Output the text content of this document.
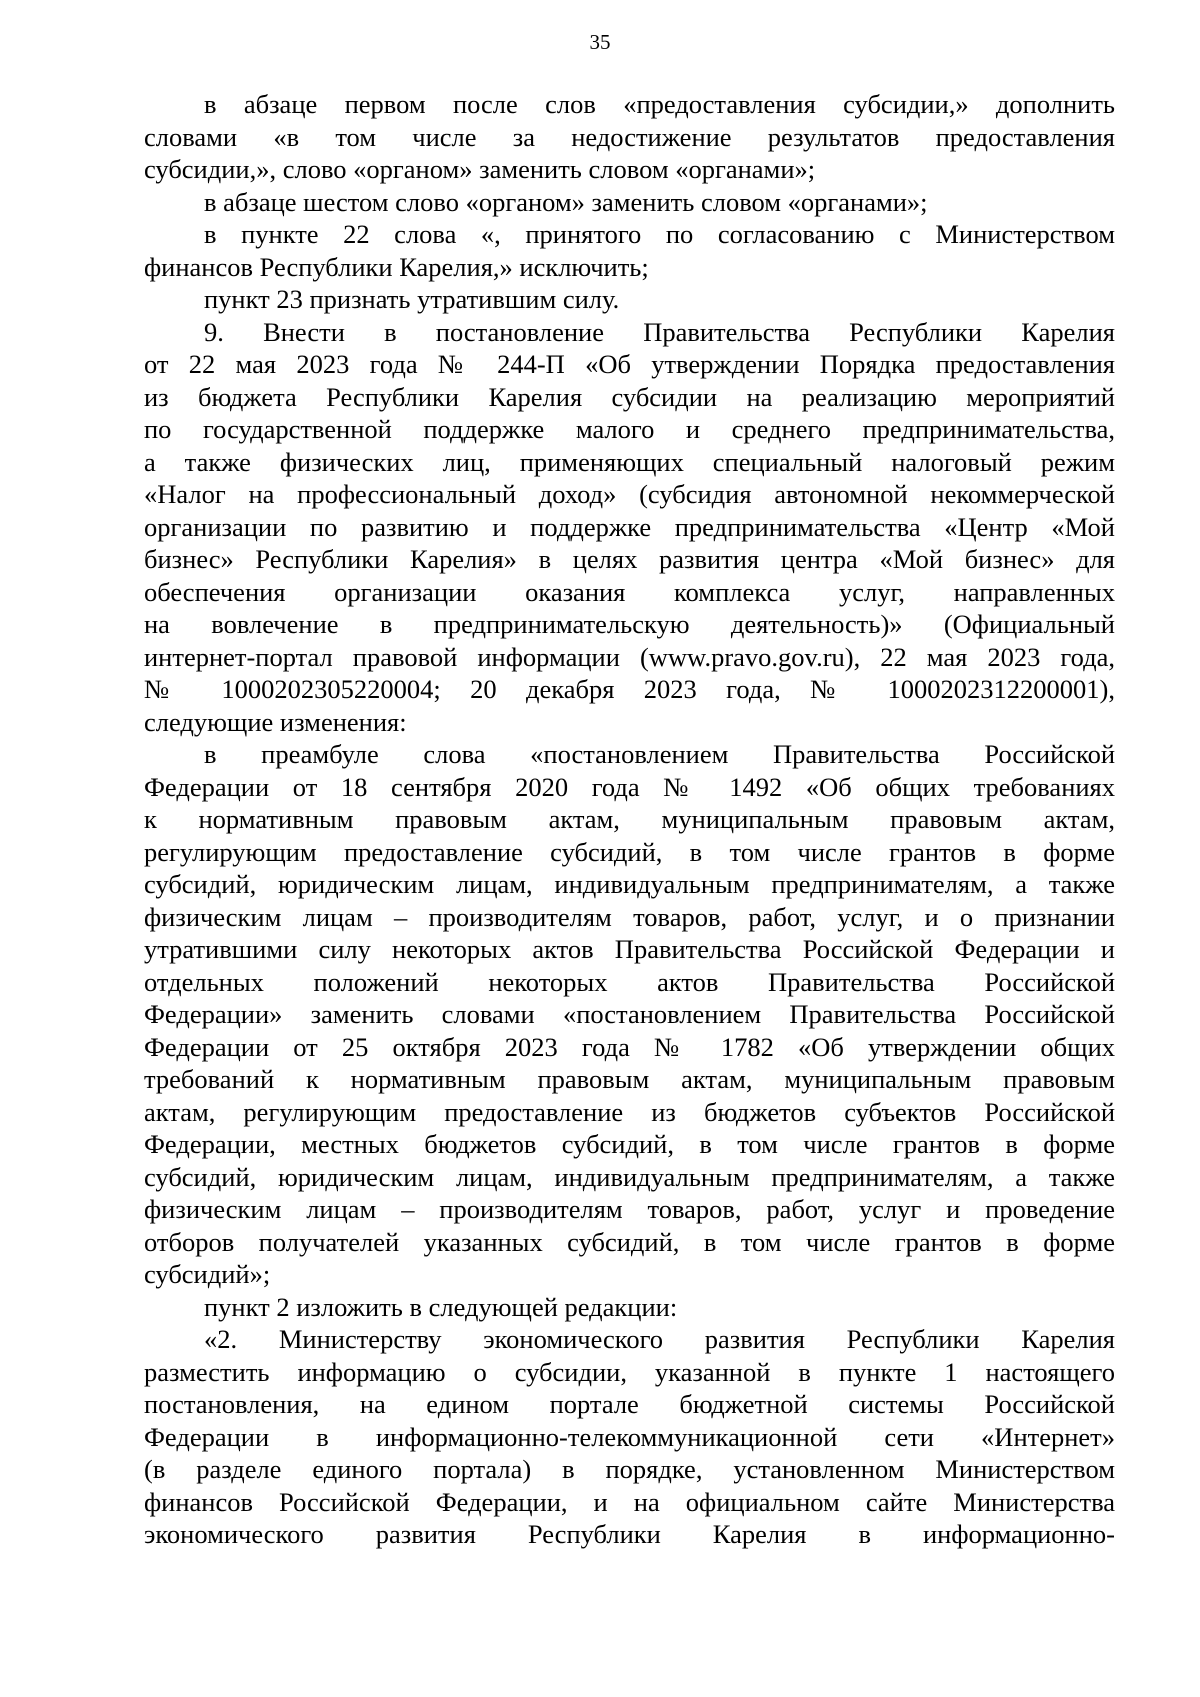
35
в абзаце первом после слов «предоставления субсидии,» дополнить
словами «в том числе за недостижение результатов предоставления
субсидии,», слово «органом» заменить словом «органами»;
в абзаце шестом слово «органом» заменить словом «органами»;
в пункте 22 слова «, принятого по согласованию с Министерством
финансов Республики Карелия,» исключить;
пункт 23 признать утратившим силу.
9. Внести в постановление Правительства Республики Карелия
от 22 мая 2023 года № 244-П «Об утверждении Порядка предоставления
из бюджета Республики Карелия субсидии на реализацию мероприятий
по государственной поддержке малого и среднего предпринимательства,
а также физических лиц, применяющих специальный налоговый режим
«Налог на профессиональный доход» (субсидия автономной некоммерческой
организации по развитию и поддержке предпринимательства «Центр «Мой
бизнес» Республики Карелия» в целях развития центра «Мой бизнес» для
обеспечения организации оказания комплекса услуг, направленных
на вовлечение в предпринимательскую деятельность)» (Официальный
интернет-портал правовой информации (www.pravo.gov.ru), 22 мая 2023 года,
№ 1000202305220004; 20 декабря 2023 года, № 1000202312200001),
следующие изменения:
в преамбуле слова «постановлением Правительства Российской
Федерации от 18 сентября 2020 года № 1492 «Об общих требованиях
к нормативным правовым актам, муниципальным правовым актам,
регулирующим предоставление субсидий, в том числе грантов в форме
субсидий, юридическим лицам, индивидуальным предпринимателям, а также
физическим лицам – производителям товаров, работ, услуг, и о признании
утратившими силу некоторых актов Правительства Российской Федерации и
отдельных положений некоторых актов Правительства Российской
Федерации» заменить словами «постановлением Правительства Российской
Федерации от 25 октября 2023 года № 1782 «Об утверждении общих
требований к нормативным правовым актам, муниципальным правовым
актам, регулирующим предоставление из бюджетов субъектов Российской
Федерации, местных бюджетов субсидий, в том числе грантов в форме
субсидий, юридическим лицам, индивидуальным предпринимателям, а также
физическим лицам – производителям товаров, работ, услуг и проведение
отборов получателей указанных субсидий, в том числе грантов в форме
субсидий»;
пункт 2 изложить в следующей редакции:
«2. Министерству экономического развития Республики Карелия
разместить информацию о субсидии, указанной в пункте 1 настоящего
постановления, на едином портале бюджетной системы Российской
Федерации в информационно-телекоммуникационной сети «Интернет»
(в разделе единого портала) в порядке, установленном Министерством
финансов Российской Федерации, и на официальном сайте Министерства
экономического развития Республики Карелия в информационно-
